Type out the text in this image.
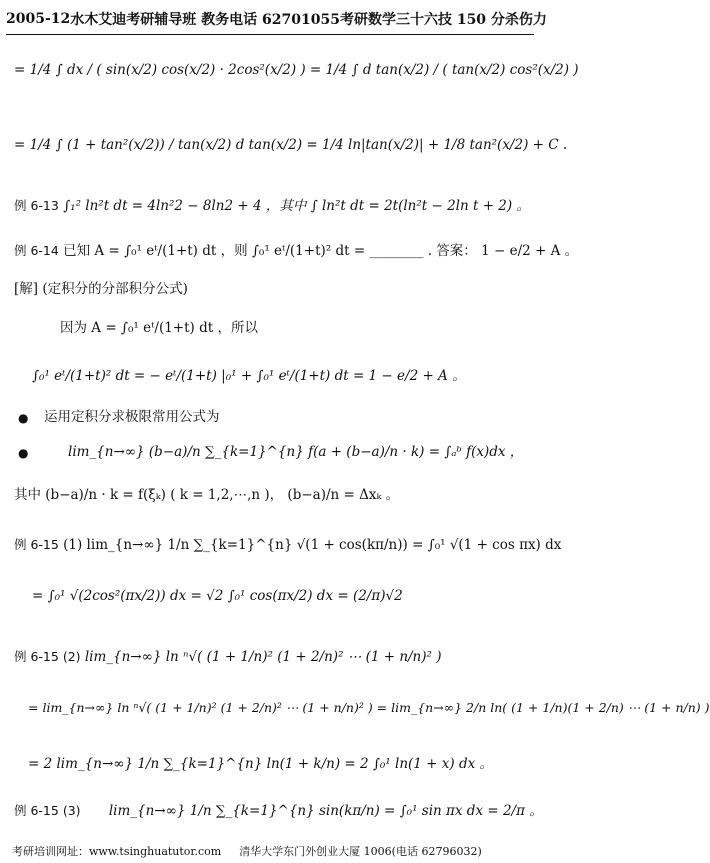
2005-12 水木艾迪考研辅导班 教务电话 62701055 考研数学三十六技 150 分杀伤力
= 1/4 ∫ dx / ( sin(x/2) cos(x/2) · 2cos²(x/2) ) = 1/4 ∫ d tan(x/2) / ( tan(x/2) cos²(x/2) )
= 1/4 ∫ (1 + tan²(x/2)) / tan(x/2) d tan(x/2) = 1/4 ln|tan(x/2)| + 1/8 tan²(x/2) + C .
例 6-13 ∫₁² ln²t dt = 4ln²2 − 8ln2 + 4 ，其中 ∫ ln²t dt = 2t(ln²t − 2ln t + 2) 。
例 6-14 已知 A = ∫₀¹ eᵗ/(1+t) dt ，则 ∫₀¹ eᵗ/(1+t)² dt = ________ . 答案： 1 − e/2 + A 。
[解] (定积分的分部积分公式)
因为 A = ∫₀¹ eᵗ/(1+t) dt ，所以
∫₀¹ eᵗ/(1+t)² dt = − eᵗ/(1+t) |₀¹ + ∫₀¹ eᵗ/(1+t) dt = 1 − e/2 + A 。
● 运用定积分求极限常用公式为
●	lim_{n→∞} (b−a)/n ∑_{k=1}^{n} f(a + (b−a)/n · k) = ∫ₐᵇ f(x)dx ，
其中 (b−a)/n · k = f(ξₖ) ( k = 1,2,⋯,n )， (b−a)/n = Δxₖ 。
例 6-15 (1) lim_{n→∞} 1/n ∑_{k=1}^{n} √(1 + cos(kπ/n)) = ∫₀¹ √(1 + cos πx) dx
= ∫₀¹ √(2cos²(πx/2)) dx = √2 ∫₀¹ cos(πx/2) dx = (2/π)√2
例 6-15 (2) lim_{n→∞} ln ⁿ√( (1 + 1/n)² (1 + 2/n)² ⋯ (1 + n/n)² )
= lim_{n→∞} ln ⁿ√( (1 + 1/n)² (1 + 2/n)² ⋯ (1 + n/n)² ) = lim_{n→∞} 2/n ln( (1 + 1/n)(1 + 2/n) ⋯ (1 + n/n) )
= 2 lim_{n→∞} 1/n ∑_{k=1}^{n} ln(1 + k/n) = 2 ∫₀¹ ln(1 + x) dx 。
例 6-15 (3) lim_{n→∞} 1/n ∑_{k=1}^{n} sin(kπ/n) = ∫₀¹ sin πx dx = 2/π 。
考研培训网址：www.tsinghuatutor.com 清华大学东门外创业大厦 1006(电话 62796032)
